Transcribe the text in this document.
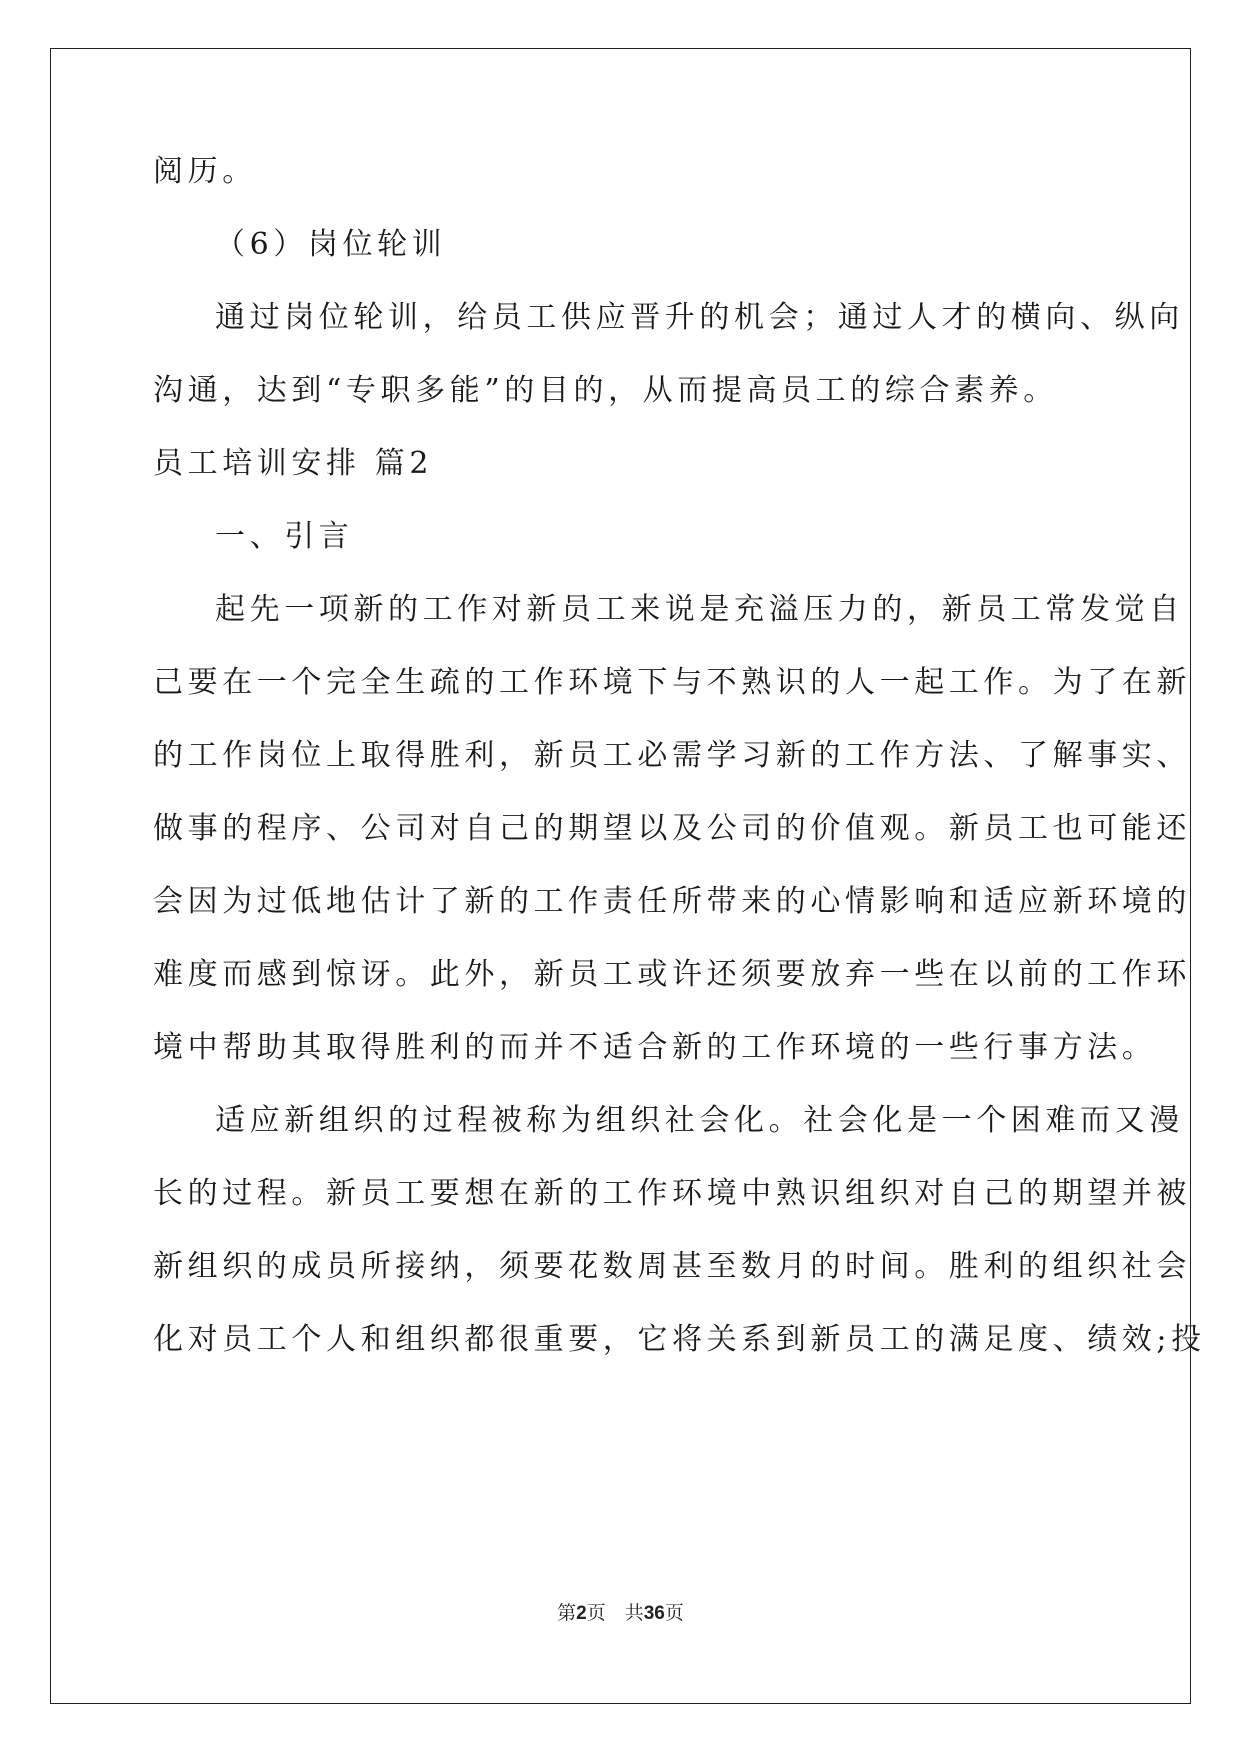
阅历。
（6）岗位轮训
通过岗位轮训，给员工供应晋升的机会；通过人才的横向、纵向
沟通，达到“专职多能”的目的，从而提高员工的综合素养。
员工培训安排 篇2
一、引言
起先一项新的工作对新员工来说是充溢压力的，新员工常发觉自
己要在一个完全生疏的工作环境下与不熟识的人一起工作。为了在新
的工作岗位上取得胜利，新员工必需学习新的工作方法、了解事实、
做事的程序、公司对自己的期望以及公司的价值观。新员工也可能还
会因为过低地估计了新的工作责任所带来的心情影响和适应新环境的
难度而感到惊讶。此外，新员工或许还须要放弃一些在以前的工作环
境中帮助其取得胜利的而并不适合新的工作环境的一些行事方法。
适应新组织的过程被称为组织社会化。社会化是一个困难而又漫
长的过程。新员工要想在新的工作环境中熟识组织对自己的期望并被
新组织的成员所接纳，须要花数周甚至数月的时间。胜利的组织社会
化对员工个人和组织都很重要，它将关系到新员工的满足度、绩效;投
第2页 共36页
